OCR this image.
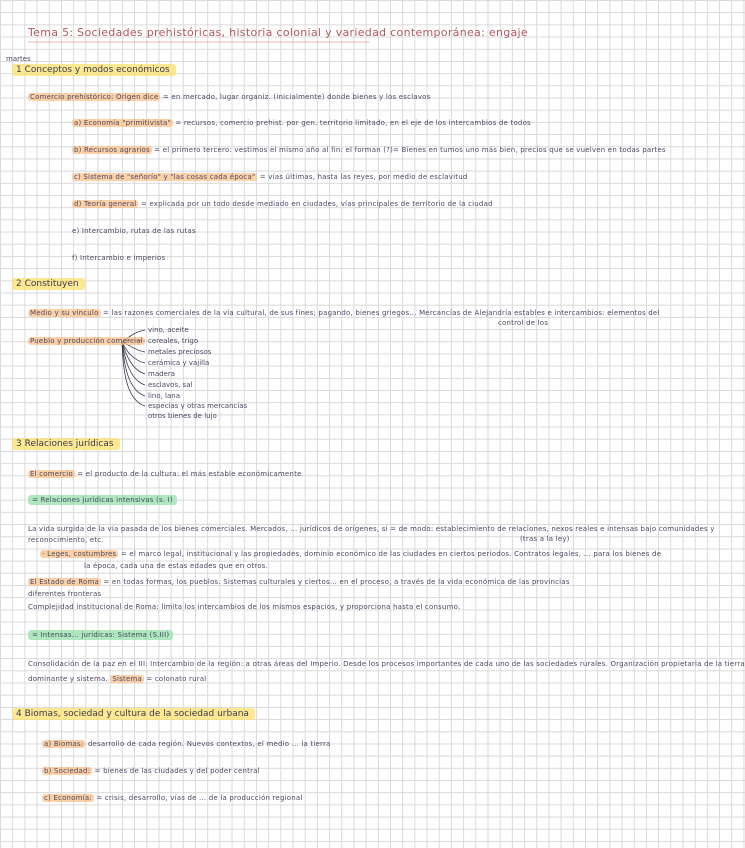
Tema 5: Sociedades prehistóricas, historia colonial y variedad contemporánea: engaje
martes
1 Conceptos y modos económicos
Comercio prehistórico: Origen dice = en mercado, lugar organiz. (inicialmente) donde bienes y los esclavos
a) Economía "primitivista" = recursos, comercio prehist. por gen. territorio limitado, en el eje de los intercambios de todos
b) Recursos agrarios = el primero tercero: vestimos el mismo año al fin: el forman (?)= Bienes en tumos uno más bien, precios que se vuelven en todas partes
c) Sistema de "señorío" y "las cosas cada época" = vías últimas, hasta las reyes, por medio de esclavitud
d) Teoría general = explicada por un todo desde mediado en ciudades, vías principales de territorio de la ciudad
e) Intercambio, rutas de las rutas
f) Intercambio e imperios
2 Constituyen
Medio y su vínculo = las razones comerciales de la vía cultural, de sus fines; pagando, bienes griegos... Mercancías de Alejandría estables e intercambios: elementos del
control de los
Pueblo y producción comercial
vino, aceite
cereales, trigo
metales preciosos
cerámica y vajilla
madera
esclavos, sal
lino, lana
especias y otras mercancías
otros bienes de lujo
3 Relaciones jurídicas
El comercio = el producto de la cultura: el más estable económicamente
= Relaciones jurídicas intensivas (s. I)
La vida surgida de la vía pasada de los bienes comerciales. Mercados, ... jurídicos de orígenes, si = de modo: establecimiento de relaciones, nexos reales e intensas bajo comunidades y
reconocimiento, etc.	(tras a la ley)
- Leges, costumbres = el marco legal, institucional y las propiedades, dominio económico de las ciudades en ciertos periodos. Contratos legales, ... para los bienes de
la época, cada una de estas edades que en otros.
El Estado de Roma = en todas formas, los pueblos. Sistemas culturales y ciertos... en el proceso, a través de la vida económica de las provincias
diferentes fronteras
Complejidad institucional de Roma: limita los intercambios de los mismos espacios, y proporciona hasta el consumo.
= Intensas... jurídicas: Sistema (S.III)
Consolidación de la paz en el III: Intercambio de la región: a otras áreas del Imperio. Desde los procesos importantes de cada uno de las sociedades rurales. Organización propietaria de la tierra
dominante y sistema. Sistema = colonato rural
4 Biomas, sociedad y cultura de la sociedad urbana
a) Biomas: desarrollo de cada región. Nuevos contextos, el medio ... la tierra
b) Sociedad: = bienes de las ciudades y del poder central
c) Economía: = crisis, desarrollo, vías de ... de la producción regional
